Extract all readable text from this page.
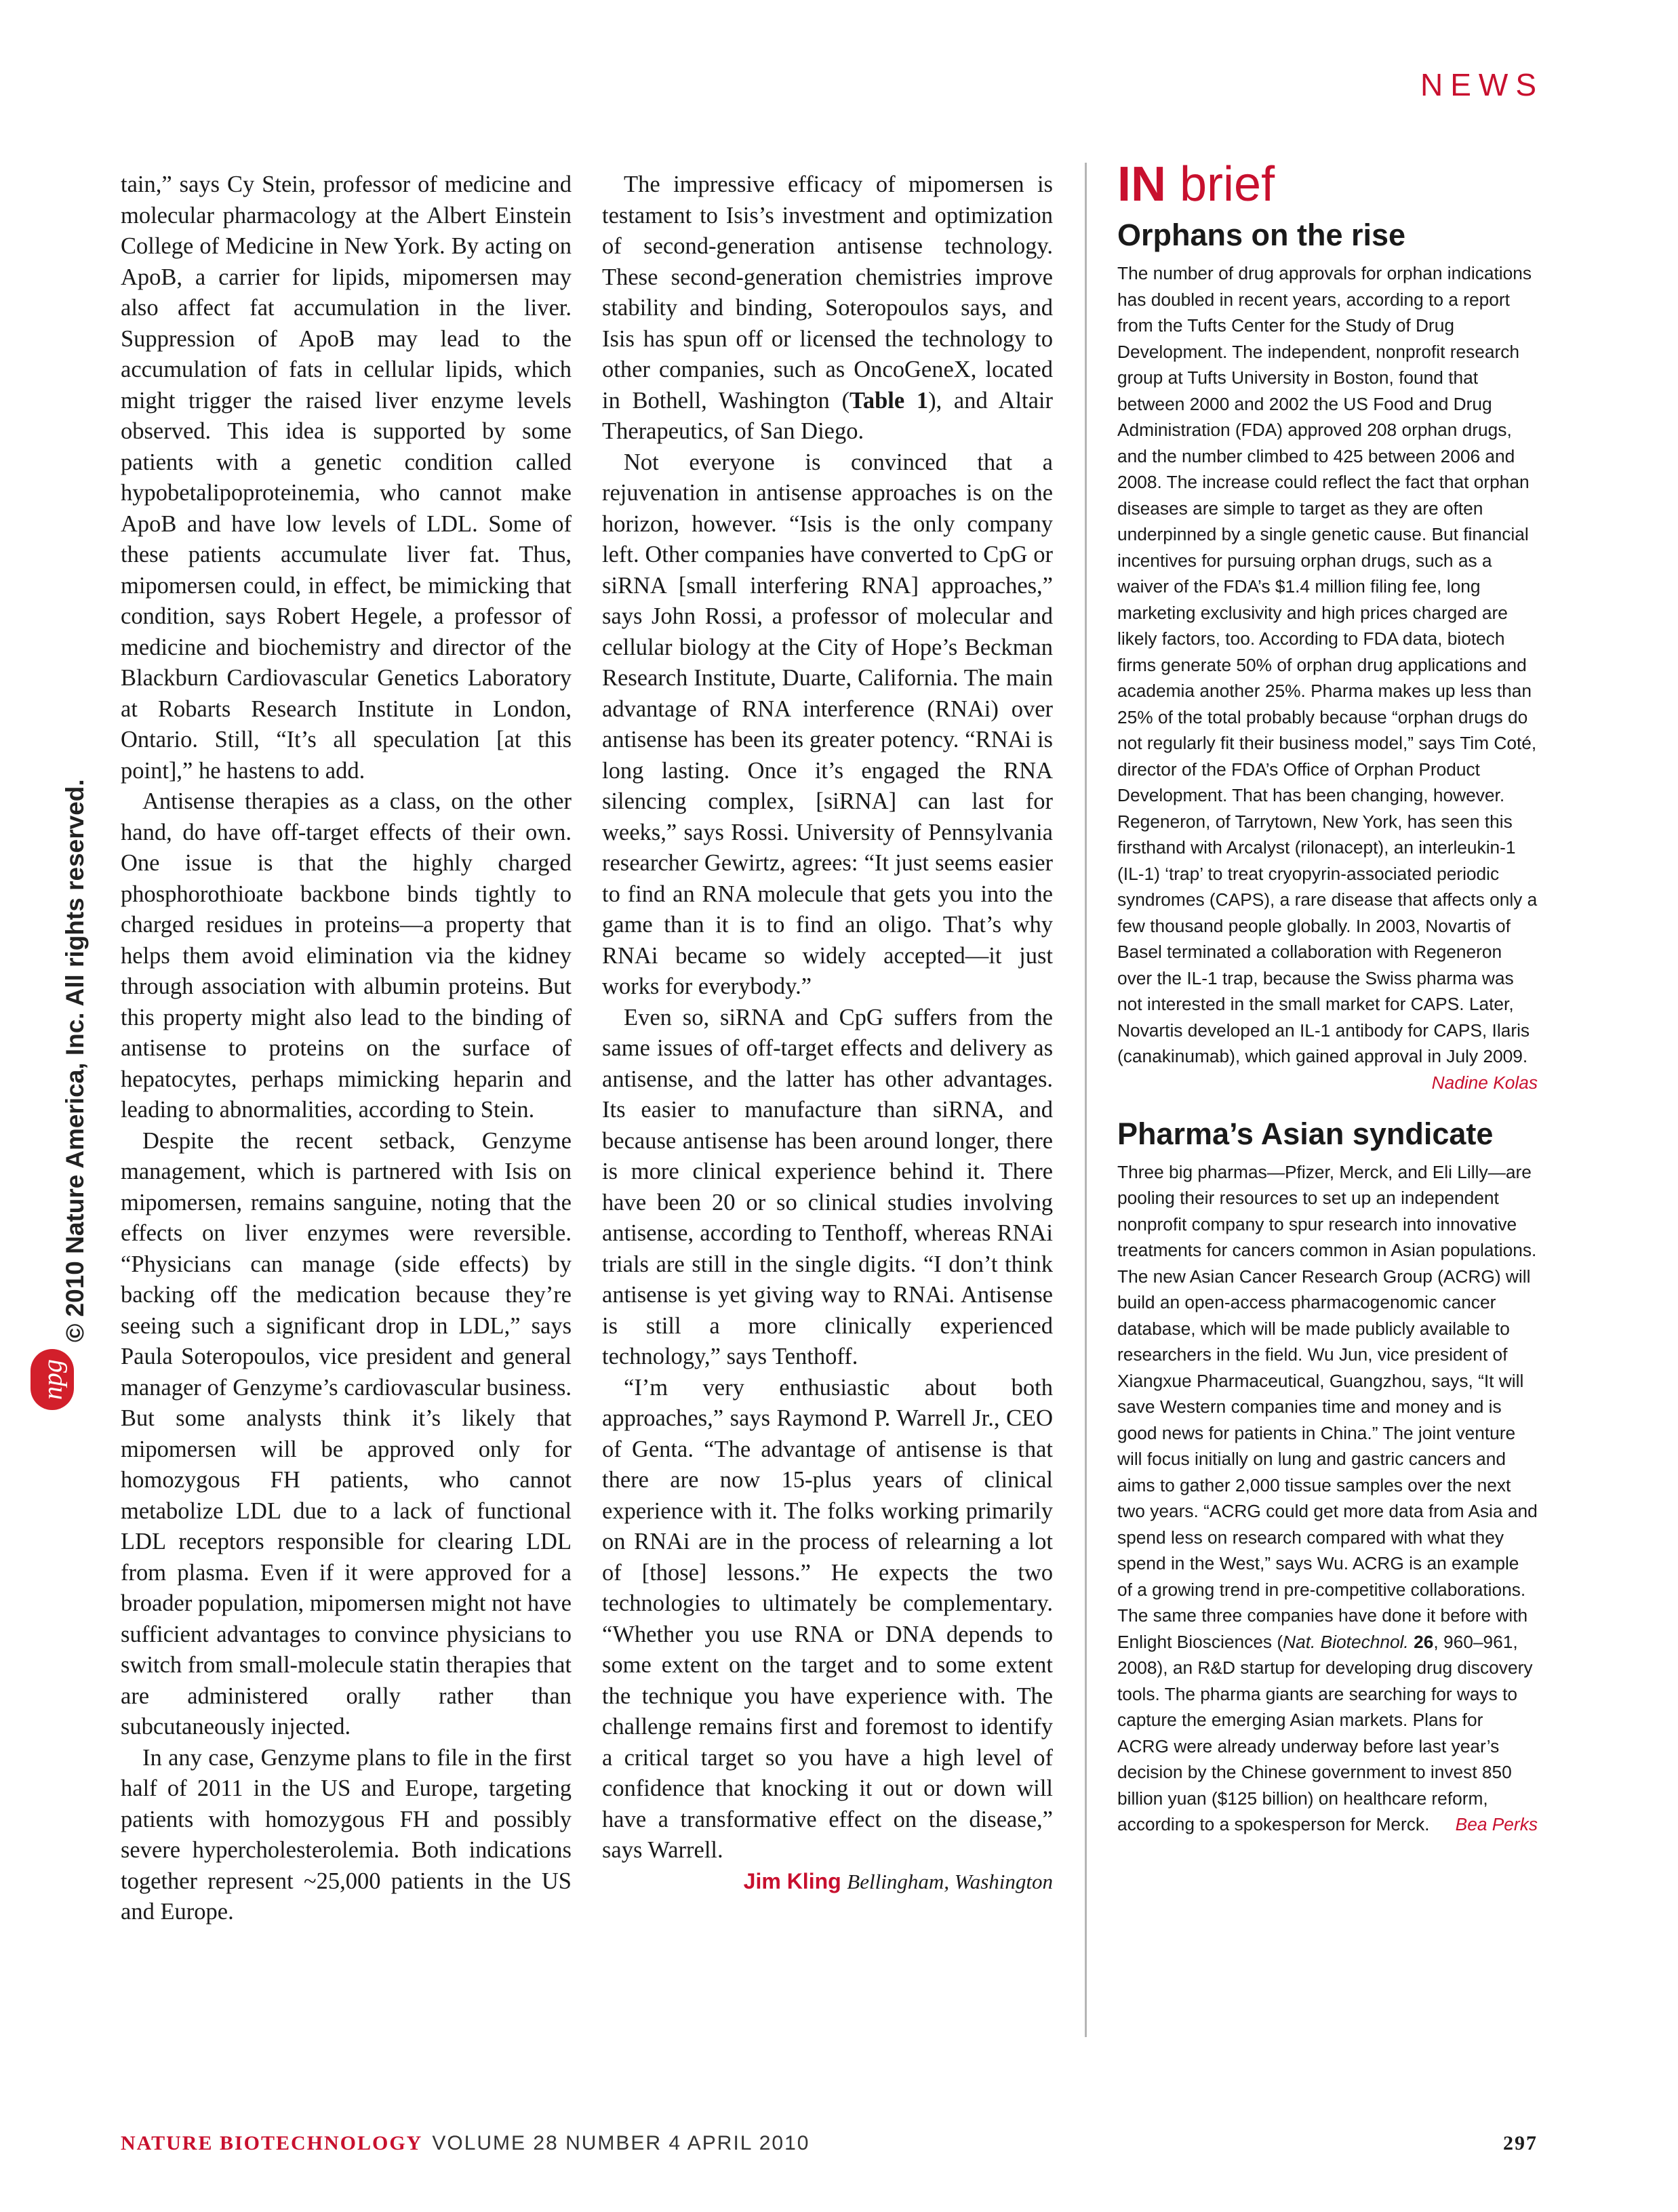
NEWS
npg
© 2010 Nature America, Inc. All rights reserved.

tain,” says Cy Stein, professor of medicine and molecular pharmacology at the Albert Einstein College of Medicine in New York. By acting on ApoB, a carrier for lipids, mipomersen may also affect fat accumulation in the liver. Suppression of ApoB may lead to the accumulation of fats in cellular lipids, which might trigger the raised liver enzyme levels observed. This idea is supported by some patients with a genetic condition called hypobetalipoproteinemia, who cannot make ApoB and have low levels of LDL. Some of these patients accumulate liver fat. Thus, mipomersen could, in effect, be mimicking that condition, says Robert Hegele, a professor of medicine and biochemistry and director of the Blackburn Cardiovascular Genetics Laboratory at Robarts Research Institute in London, Ontario. Still, “It’s all speculation [at this point],” he hastens to add.

Antisense therapies as a class, on the other hand, do have off-target effects of their own. One issue is that the highly charged phosphorothioate backbone binds tightly to charged residues in proteins—a property that helps them avoid elimination via the kidney through association with albumin proteins. But this property might also lead to the binding of antisense to proteins on the surface of hepatocytes, perhaps mimicking heparin and leading to abnormalities, according to Stein.

Despite the recent setback, Genzyme management, which is partnered with Isis on mipomersen, remains sanguine, noting that the effects on liver enzymes were reversible. “Physicians can manage (side effects) by backing off the medication because they’re seeing such a significant drop in LDL,” says Paula Soteropoulos, vice president and general manager of Genzyme’s cardiovascular business. But some analysts think it’s likely that mipomersen will be approved only for homozygous FH patients, who cannot metabolize LDL due to a lack of functional LDL receptors responsible for clearing LDL from plasma. Even if it were approved for a broader population, mipomersen might not have sufficient advantages to convince physicians to switch from small-molecule statin therapies that are administered orally rather than subcutaneously injected.

In any case, Genzyme plans to file in the first half of 2011 in the US and Europe, targeting patients with homozygous FH and possibly severe hypercholesterolemia. Both indications together represent ~25,000 patients in the US and Europe.

The impressive efficacy of mipomersen is testament to Isis’s investment and optimization of second-generation antisense technology. These second-generation chemistries improve stability and binding, Soteropoulos says, and Isis has spun off or licensed the technology to other companies, such as OncoGeneX, located in Bothell, Washington (Table 1), and Altair Therapeutics, of San Diego.

Not everyone is convinced that a rejuvenation in antisense approaches is on the horizon, however. “Isis is the only company left. Other companies have converted to CpG or siRNA [small interfering RNA] approaches,” says John Rossi, a professor of molecular and cellular biology at the City of Hope’s Beckman Research Institute, Duarte, California. The main advantage of RNA interference (RNAi) over antisense has been its greater potency. “RNAi is long lasting. Once it’s engaged the RNA silencing complex, [siRNA] can last for weeks,” says Rossi. University of Pennsylvania researcher Gewirtz, agrees: “It just seems easier to find an RNA molecule that gets you into the game than it is to find an oligo. That’s why RNAi became so widely accepted—it just works for everybody.”

Even so, siRNA and CpG suffers from the same issues of off-target effects and delivery as antisense, and the latter has other advantages. Its easier to manufacture than siRNA, and because antisense has been around longer, there is more clinical experience behind it. There have been 20 or so clinical studies involving antisense, according to Tenthoff, whereas RNAi trials are still in the single digits. “I don’t think antisense is yet giving way to RNAi. Antisense is still a more clinically experienced technology,” says Tenthoff.

“I’m very enthusiastic about both approaches,” says Raymond P. Warrell Jr., CEO of Genta. “The advantage of antisense is that there are now 15-plus years of clinical experience with it. The folks working primarily on RNAi are in the process of relearning a lot of [those] lessons.” He expects the two technologies to ultimately be complementary. “Whether you use RNA or DNA depends to some extent on the target and to some extent the technique you have experience with. The challenge remains first and foremost to identify a critical target so you have a high level of confidence that knocking it out or down will have a transformative effect on the disease,” says Warrell.

Jim Kling Bellingham, Washington

IN brief
Orphans on the rise

The number of drug approvals for orphan indications has doubled in recent years, according to a report from the Tufts Center for the Study of Drug Development. The independent, nonprofit research group at Tufts University in Boston, found that between 2000 and 2002 the US Food and Drug Administration (FDA) approved 208 orphan drugs, and the number climbed to 425 between 2006 and 2008. The increase could reflect the fact that orphan diseases are simple to target as they are often underpinned by a single genetic cause. But financial incentives for pursuing orphan drugs, such as a waiver of the FDA’s $1.4 million filing fee, long marketing exclusivity and high prices charged are likely factors, too. According to FDA data, biotech firms generate 50% of orphan drug applications and academia another 25%. Pharma makes up less than 25% of the total probably because “orphan drugs do not regularly fit their business model,” says Tim Coté, director of the FDA’s Office of Orphan Product Development. That has been changing, however. Regeneron, of Tarrytown, New York, has seen this firsthand with Arcalyst (rilonacept), an interleukin-1 (IL-1) ‘trap’ to treat cryopyrin-associated periodic syndromes (CAPS), a rare disease that affects only a few thousand people globally. In 2003, Novartis of Basel terminated a collaboration with Regeneron over the IL-1 trap, because the Swiss pharma was not interested in the small market for CAPS. Later, Novartis developed an IL-1 antibody for CAPS, Ilaris (canakinumab), which gained approval in July 2009.
Nadine Kolas

Pharma’s Asian syndicate

Three big pharmas—Pfizer, Merck, and Eli Lilly—are pooling their resources to set up an independent nonprofit company to spur research into innovative treatments for cancers common in Asian populations. The new Asian Cancer Research Group (ACRG) will build an open-access pharmacogenomic cancer database, which will be made publicly available to researchers in the field. Wu Jun, vice president of Xiangxue Pharmaceutical, Guangzhou, says, “It will save Western companies time and money and is good news for patients in China.” The joint venture will focus initially on lung and gastric cancers and aims to gather 2,000 tissue samples over the next two years. “ACRG could get more data from Asia and spend less on research compared with what they spend in the West,” says Wu. ACRG is an example of a growing trend in pre-competitive collaborations. The same three companies have done it before with Enlight Biosciences (Nat. Biotechnol. 26, 960–961, 2008), an R&D startup for developing drug discovery tools. The pharma giants are searching for ways to capture the emerging Asian markets. Plans for ACRG were already underway before last year’s decision by the Chinese government to invest 850 billion yuan ($125 billion) on healthcare reform, according to a spokesperson for Merck. Bea Perks

NATURE BIOTECHNOLOGY VOLUME 28 NUMBER 4 APRIL 2010	297
